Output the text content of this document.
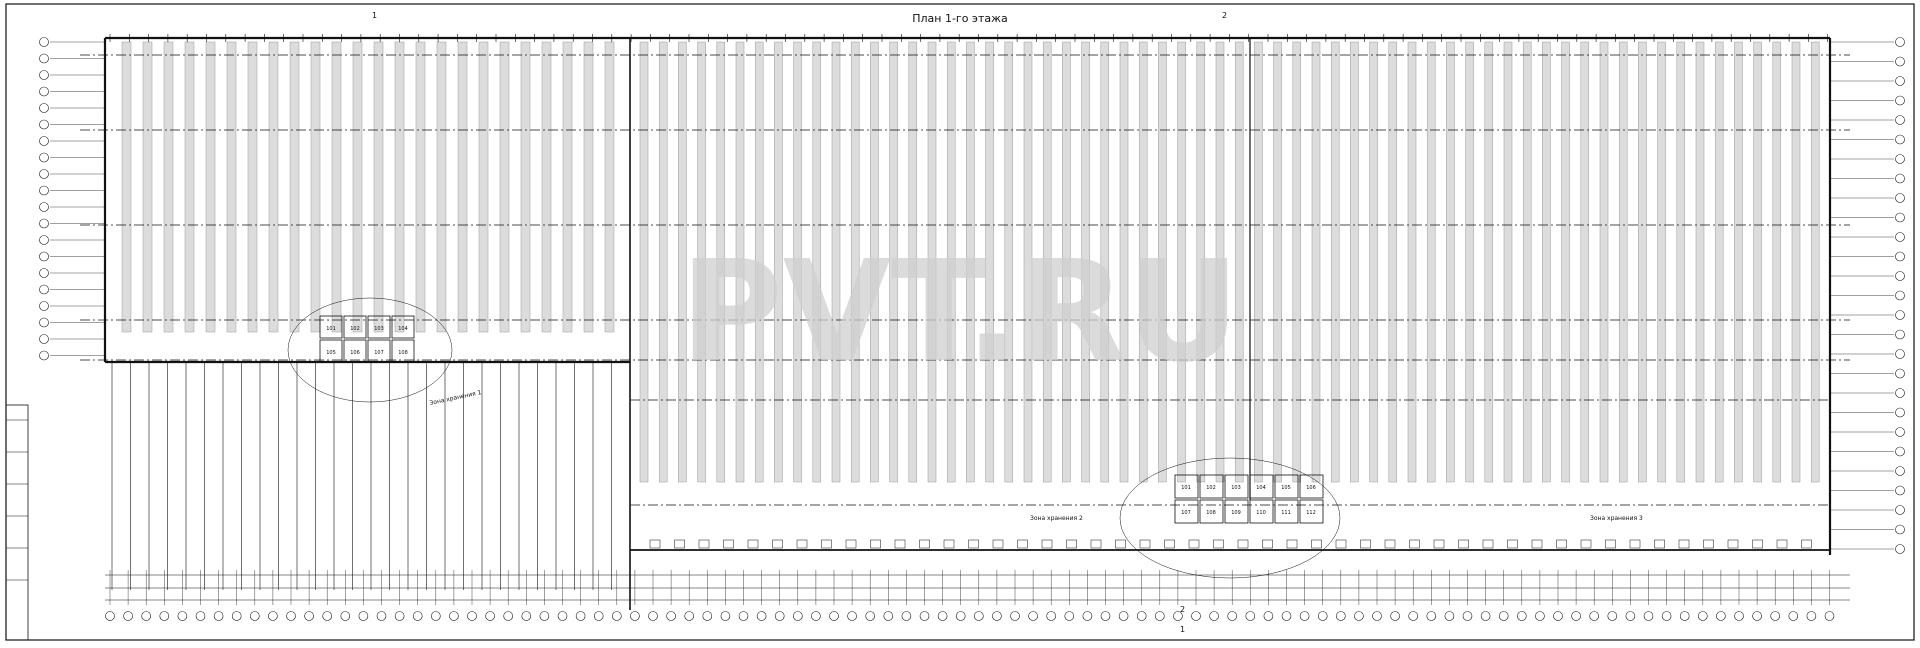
101	102	103	104
105	106	107	108
101	102	103	104	105	106
107	108	109	110	111	112
План 1-го этажа
PVT.RU
Зона хранения 1
Зона хранения 2	Зона хранения 3
1	2
1
2
